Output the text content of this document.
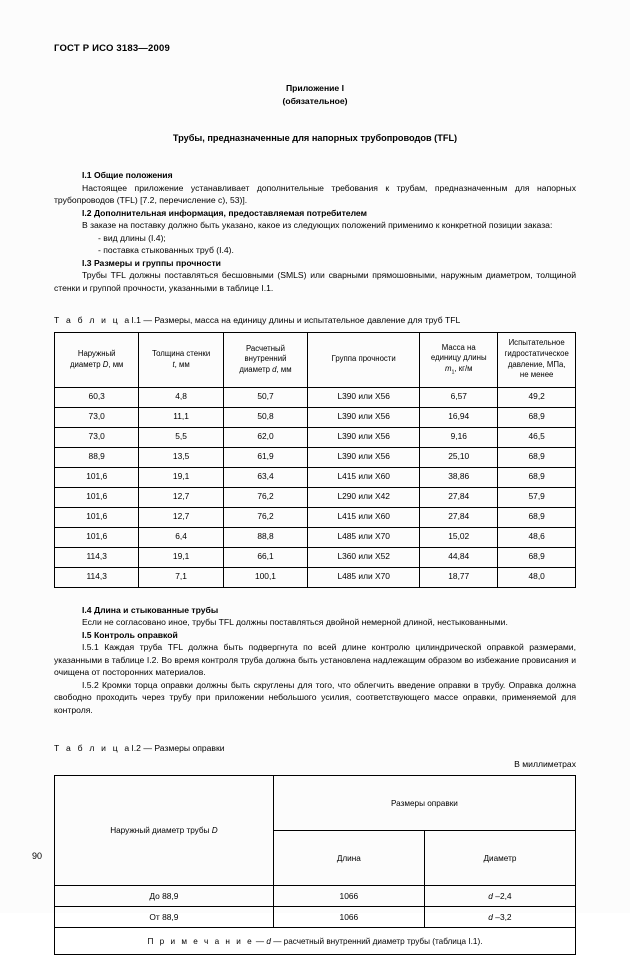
ГОСТ Р ИСО 3183—2009
Приложение I
(обязательное)
Трубы, предназначенные для напорных трубопроводов (TFL)
I.1 Общие положения

Настоящее приложение устанавливает дополнительные требования к трубам, предназначенным для напорных трубопроводов (TFL) [7.2, перечисление c), 53)].

I.2 Дополнительная информация, предоставляемая потребителем

В заказе на поставку должно быть указано, какое из следующих положений применимо к конкретной позиции заказа:

- вид длины (I.4);

- поставка стыкованных труб (I.4).

I.3 Размеры и группы прочности

Трубы TFL должны поставляться бесшовными (SMLS) или сварными прямошовными, наружным диаметром, толщиной стенки и группой прочности, указанными в таблице I.1.

Т а б л и ц аI.1 — Размеры, масса на единицу длины и испытательное давление для труб TFL
Наружный
диаметр D, мм	Толщина стенки
t, мм	Расчетный
внутренний
диаметр d, мм	Группа прочности	Масса на
единицу длины
$m_1$, кг/м	Испытательное
гидростатическое
давление, МПа,
не менее
60,3	4,8	50,7	L390 или X56	6,57	49,2
73,0	11,1	50,8	L390 или X56	16,94	68,9
73,0	5,5	62,0	L390 или X56	9,16	46,5
88,9	13,5	61,9	L390 или X56	25,10	68,9
101,6	19,1	63,4	L415 или X60	38,86	68,9
101,6	12,7	76,2	L290 или X42	27,84	57,9
101,6	12,7	76,2	L415 или X60	27,84	68,9
101,6	6,4	88,8	L485 или X70	15,02	48,6
114,3	19,1	66,1	L360 или X52	44,84	68,9
114,3	7,1	100,1	L485 или X70	18,77	48,0
I.4 Длина и стыкованные трубы

Если не согласовано иное, трубы TFL должны поставляться двойной немерной длиной, нестыкованными.

I.5 Контроль оправкой

I.5.1 Каждая труба TFL должна быть подвергнута по всей длине контролю цилиндрической оправкой размерами, указанными в таблице I.2. Во время контроля труба должна быть установлена надлежащим образом во избежание провисания и очищена от посторонних материалов.

I.5.2 Кромки торца оправки должны быть скруглены для того, что облегчить введение оправки в трубу. Оправка должна свободно проходить через трубу при приложении небольшого усилия, соответствующего массе оправки, применяемой для контроля.

Т а б л и ц аI.2 — Размеры оправки
В миллиметрах
Наружный диаметр трубы D	Размеры оправки	
	Длина	Диаметр
До 88,9	1066	d –2,4
От 88,9	1066	d –3,2
П р и м е ч а н и е — d — расчетный внутренний диаметр трубы (таблица I.1).		
90
